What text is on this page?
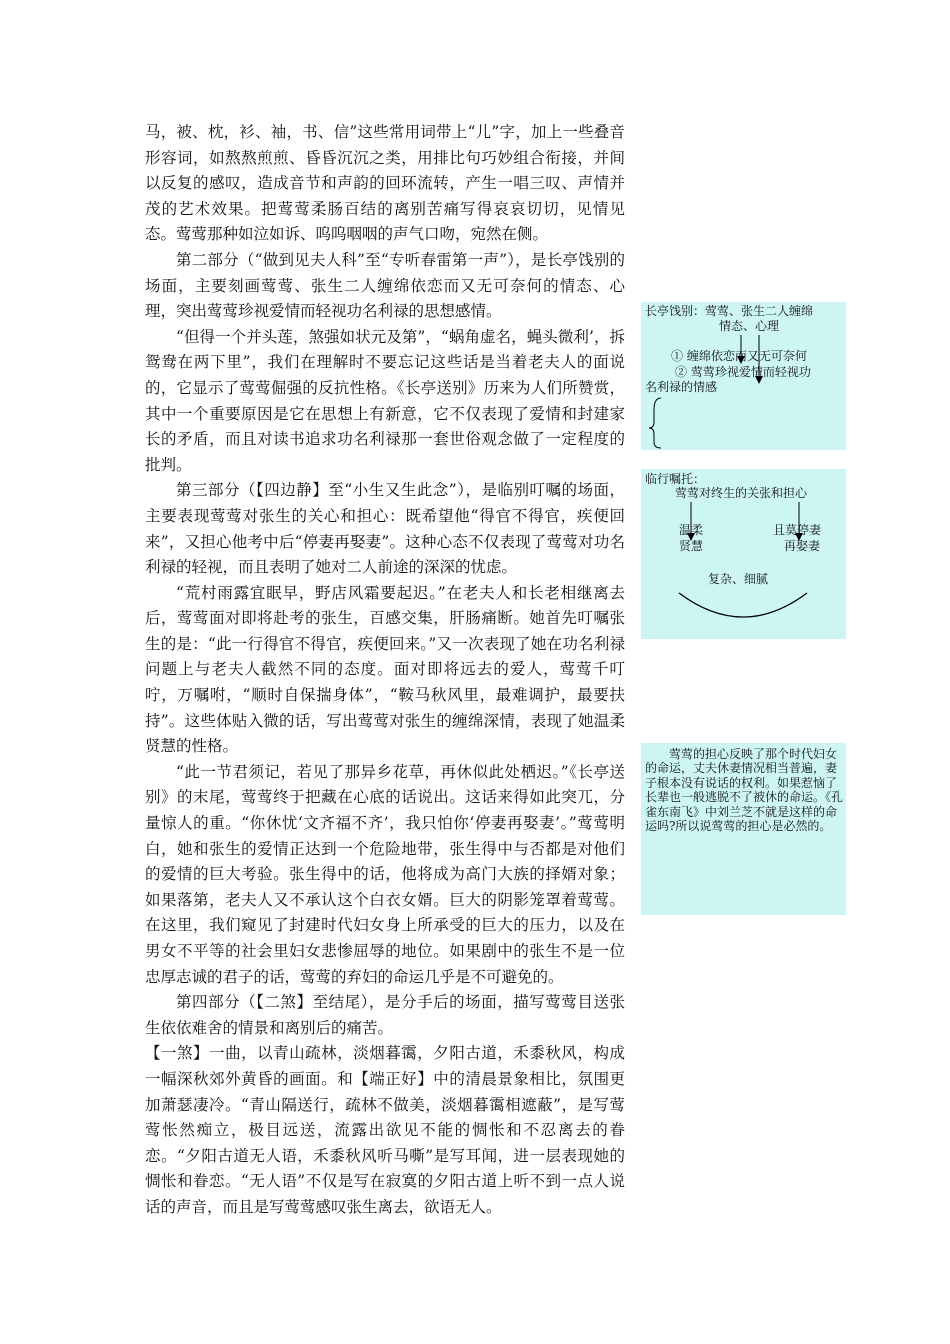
马，被、枕，衫、袖，书、信”这些常用词带上“儿”字，加上一些叠音形容词，如熬熬煎煎、昏昏沉沉之类，用排比句巧妙组合衔接，并间以反复的感叹，造成音节和声韵的回环流转，产生一唱三叹、声情并茂的艺术效果。把莺莺柔肠百结的离别苦痛写得哀哀切切，见情见态。莺莺那种如泣如诉、呜呜咽咽的声气口吻，宛然在侧。

第二部分（“做到见夫人科”至“专听春雷第一声”），是长亭饯别的场面，主要刻画莺莺、张生二人缠绵依恋而又无可奈何的情态、心理，突出莺莺珍视爱情而轻视功名利禄的思想感情。

“但得一个并头莲，煞强如状元及第”，“蜗角虚名，蝇头微利’，拆鸳鸯在两下里”，我们在理解时不要忘记这些话是当着老夫人的面说的，它显示了莺莺倔强的反抗性格。《长亭送别》历来为人们所赞赏，其中一个重要原因是它在思想上有新意，它不仅表现了爱情和封建家长的矛盾，而且对读书追求功名利禄那一套世俗观念做了一定程度的批判。

第三部分（【四边静】至“小生又生此念”），是临别叮嘱的场面，主要表现莺莺对张生的关心和担心：既希望他“得官不得官，疾便回来”，又担心他考中后“停妻再娶妻”。这种心态不仅表现了莺莺对功名利禄的轻视，而且表明了她对二人前途的深深的忧虑。

“荒村雨露宜眠早，野店风霜要起迟。”在老夫人和长老相继离去后，莺莺面对即将赴考的张生，百感交集，肝肠痛断。她首先叮嘱张生的是：“此一行得官不得官，疾便回来。”又一次表现了她在功名利禄问题上与老夫人截然不同的态度。面对即将远去的爱人，莺莺千叮咛，万嘱咐，“顺时自保揣身体”，“鞍马秋风里，最难调护，最要扶持”。这些体贴入微的话，写出莺莺对张生的缠绵深情，表现了她温柔贤慧的性格。

“此一节君须记，若见了那异乡花草，再休似此处栖迟。”《长亭送别》的末尾，莺莺终于把藏在心底的话说出。这话来得如此突兀，分量惊人的重。“你休忧‘文齐福不齐’，我只怕你‘停妻再娶妻’。”莺莺明白，她和张生的爱情正达到一个危险地带，张生得中与否都是对他们的爱情的巨大考验。张生得中的话，他将成为高门大族的择婿对象；如果落第，老夫人又不承认这个白衣女婿。巨大的阴影笼罩着莺莺。在这里，我们窥见了封建时代妇女身上所承受的巨大的压力，以及在男女不平等的社会里妇女悲惨屈辱的地位。如果剧中的张生不是一位忠厚志诚的君子的话，莺莺的弃妇的命运几乎是不可避免的。

第四部分（【二煞】至结尾），是分手后的场面，描写莺莺目送张生依依难舍的情景和离别后的痛苦。

【一煞】一曲，以青山疏林，淡烟暮霭，夕阳古道，禾黍秋风，构成一幅深秋郊外黄昏的画面。和【端正好】中的清晨景象相比，氛围更加萧瑟凄冷。“青山隔送行，疏林不做美，淡烟暮霭相遮蔽”，是写莺莺怅然痴立，极目远送，流露出欲见不能的惆怅和不忍离去的眷恋。“夕阳古道无人语，禾黍秋风听马嘶”是写耳闻，进一层表现她的惆怅和眷恋。“无人语”不仅是写在寂寞的夕阳古道上听不到一点人说话的声音，而且是写莺莺感叹张生离去，欲语无人。

长亭饯别：莺莺、张生二人缠绵
情态、心理
① 缠绵依恋而又无可奈何
② 莺莺珍视爱情而轻视功
名利禄的情感
临行嘱托：
莺莺对终生的关张和担心
温柔
贤慧
且莫停妻
再娶妻
复杂、细腻
莺莺的担心反映了那个时代妇女的命运，丈夫休妻情况相当普遍，妻子根本没有说话的权利。如果惹恼了长辈也一般逃脱不了被休的命运。《孔雀东南飞》中刘兰芝不就是这样的命运吗?所以说莺莺的担心是必然的。
